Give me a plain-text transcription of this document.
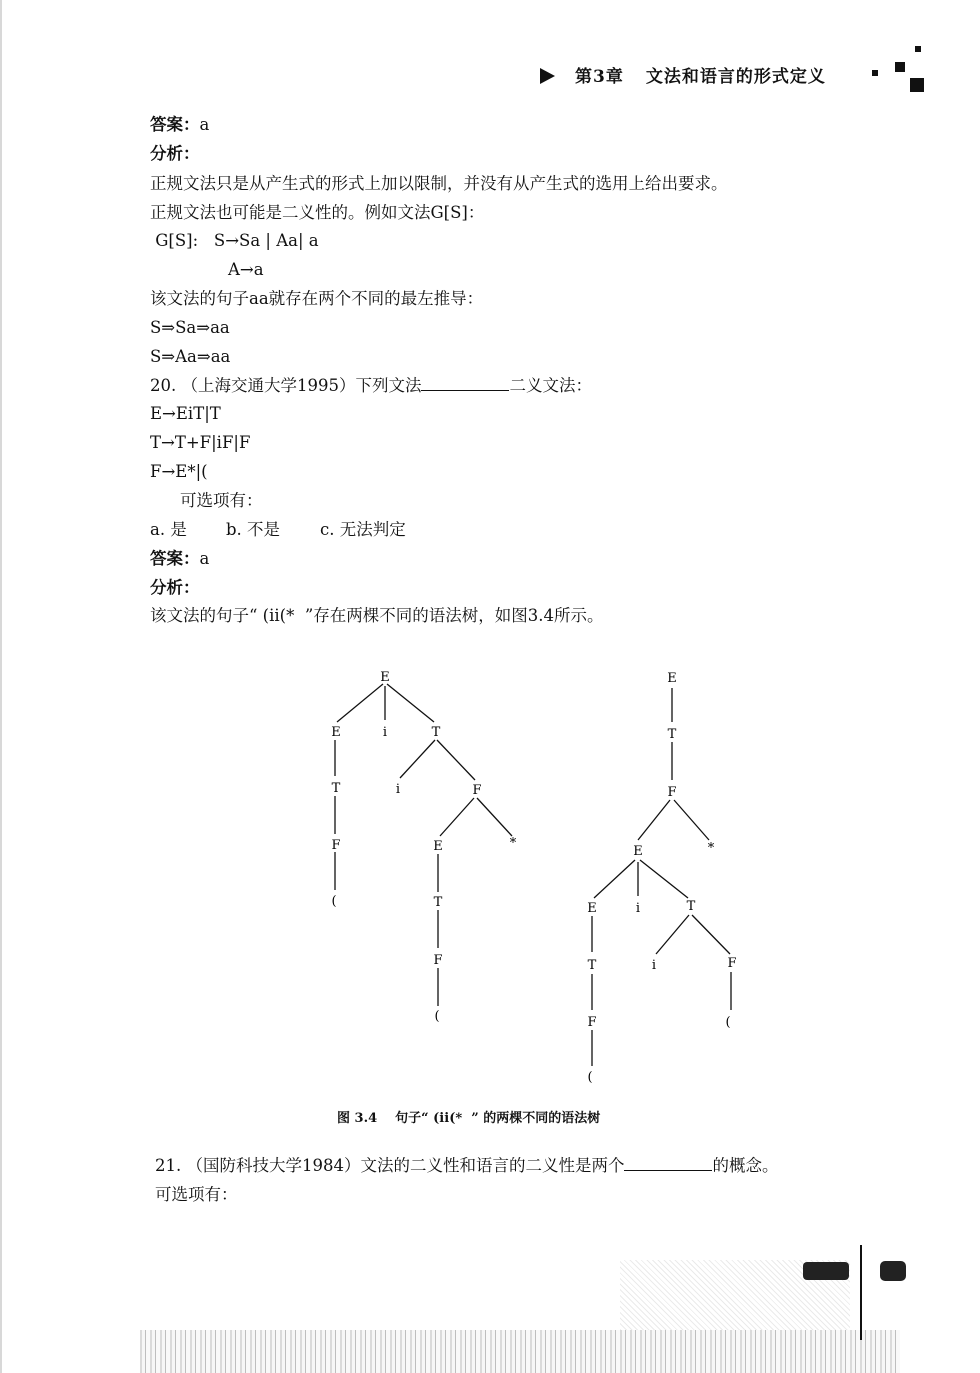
第3章 文法和语言的形式定义
答案：a
分析：
正规文法只是从产生式的形式上加以限制，并没有从产生式的选用上给出要求。
正规文法也可能是二义性的。例如文法G[S]：
G[S]:   S→Sa | Aa| a
A→a
该文法的句子aa就存在两个不同的最左推导：
S⇒Sa⇒aa
S⇒Aa⇒aa
20. （上海交通大学1995）下列文法	二义文法：
E→EiT|T
T→T+F|iF|F
F→E*|(
可选项有：
a. 是 b. 不是 c. 无法判定
答案：a
分析：
该文法的句子“ (ii(*  ”存在两棵不同的语法树，如图3.4所示。
E
E	i	T
T	i	F
F	E	*
(	T
F
(
E
T
F
E	*
E	i	T
T	i	F
F	(
(
图 3.4 句子“ (ii(*  ” 的两棵不同的语法树
21. （国防科技大学1984）文法的二义性和语言的二义性是两个	的概念。
可选项有：
